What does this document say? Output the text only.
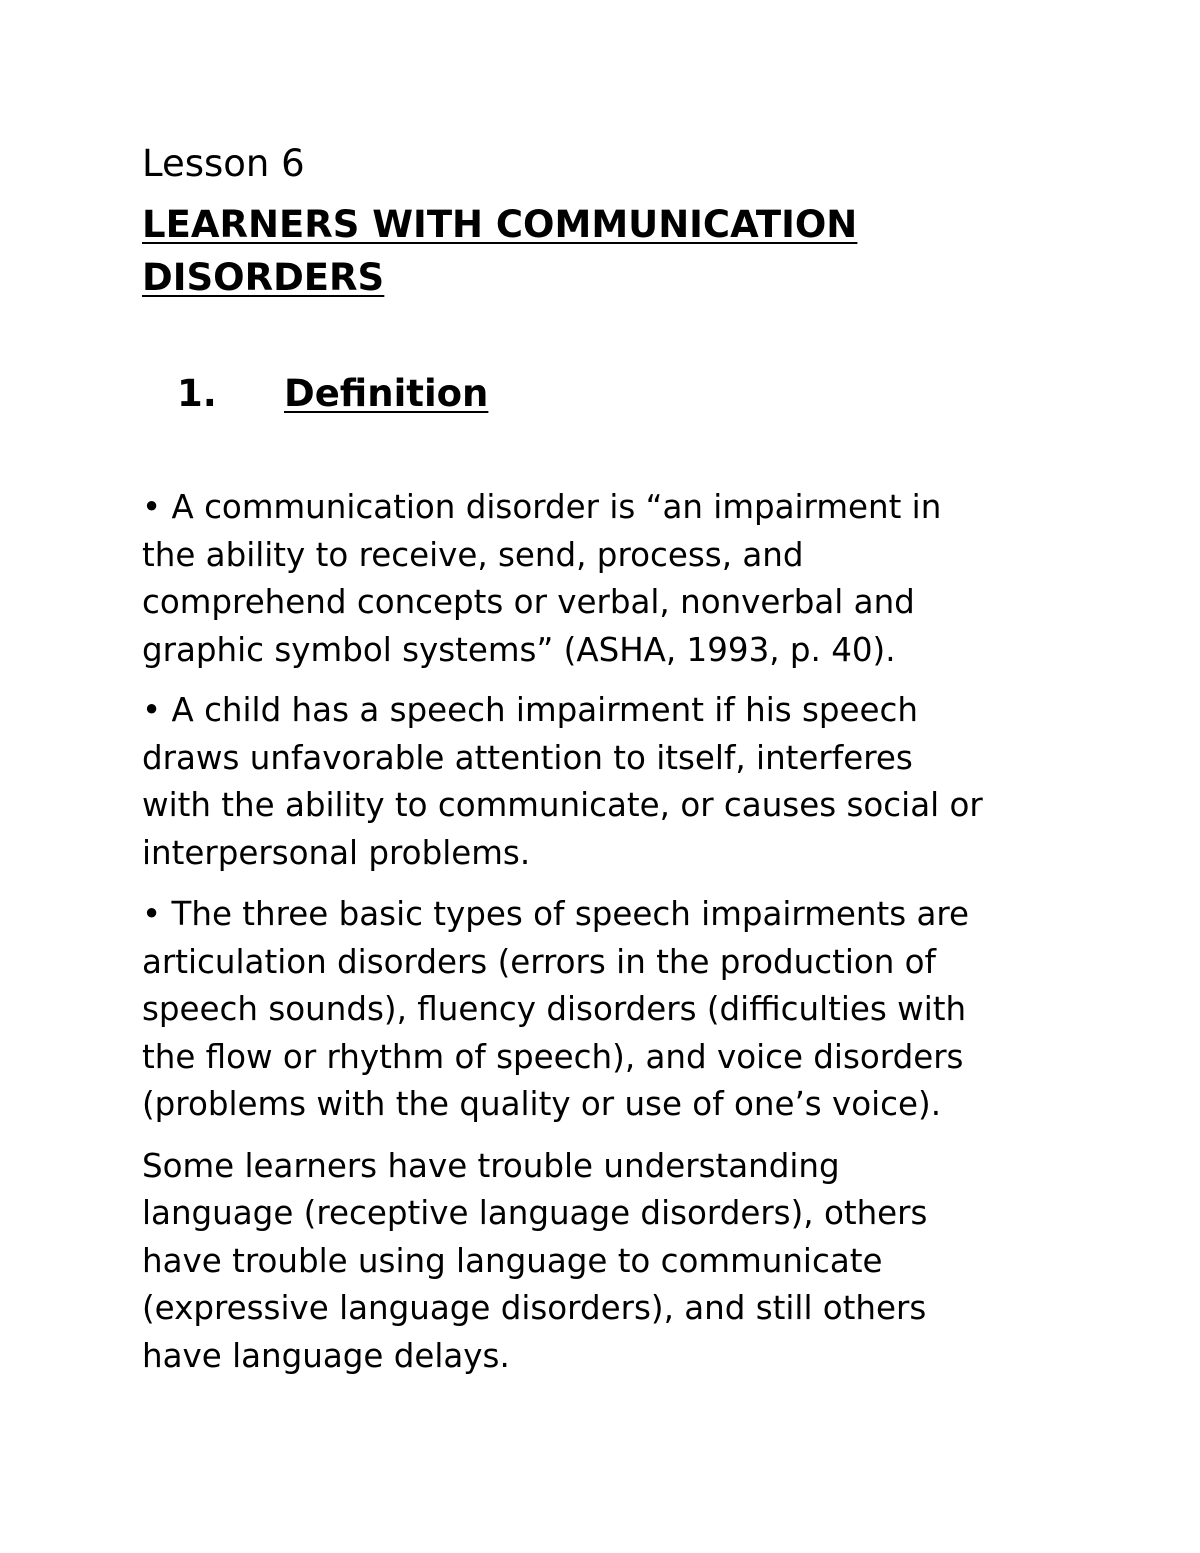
Lesson 6

LEARNERS WITH COMMUNICATION
DISORDERS
1. Definition

• A communication disorder is “an impairment in
the ability to receive, send, process, and
comprehend concepts or verbal, nonverbal and
graphic symbol systems” (ASHA, 1993, p. 40).

• A child has a speech impairment if his speech
draws unfavorable attention to itself, interferes
with the ability to communicate, or causes social or
interpersonal problems.

• The three basic types of speech impairments are
articulation disorders (errors in the production of
speech sounds), fluency disorders (difficulties with
the flow or rhythm of speech), and voice disorders
(problems with the quality or use of one’s voice).

Some learners have trouble understanding
language (receptive language disorders), others
have trouble using language to communicate
(expressive language disorders), and still others
have language delays.
